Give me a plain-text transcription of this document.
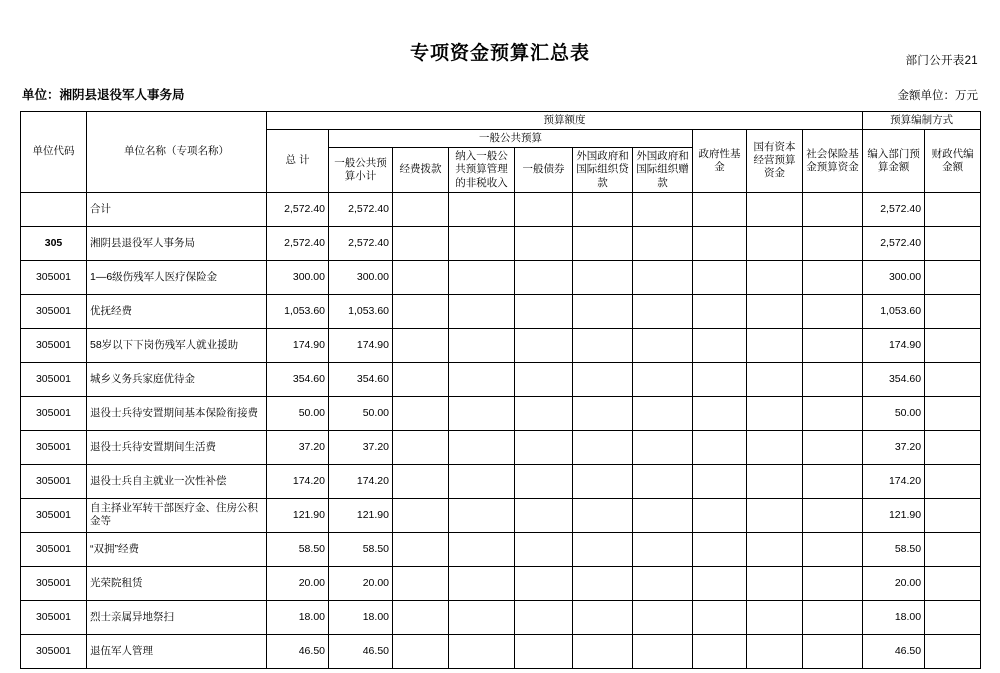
部门公开表21
专项资金预算汇总表
单位：湘阴县退役军人事务局	金额单位：万元
单位代码	单位名称（专项名称）	预算额度										预算编制方式	
		总 计	一般公共预算						政府性基金	国有资本经营预算资金	社会保险基金预算资金	编入部门预算金额	财政代编金额
			一般公共预算小计	经费拨款	纳入一般公共预算管理的非税收入	一般债券	外国政府和国际组织贷款	外国政府和国际组织赠款					

	合计	2,572.40	2,572.40									2,572.40	
305	湘阴县退役军人事务局	2,572.40	2,572.40									2,572.40	
305001	1—6级伤残军人医疗保险金	300.00	300.00									300.00	
305001	优抚经费	1,053.60	1,053.60									1,053.60	
305001	58岁以下下岗伤残军人就业援助	174.90	174.90									174.90	
305001	城乡义务兵家庭优待金	354.60	354.60									354.60	
305001	退役士兵待安置期间基本保险衔接费	50.00	50.00									50.00	
305001	退役士兵待安置期间生活费	37.20	37.20									37.20	
305001	退役士兵自主就业一次性补偿	174.20	174.20									174.20	
305001	自主择业军转干部医疗金、住房公积金等	121.90	121.90									121.90	
305001	“双拥”经费	58.50	58.50									58.50	
305001	光荣院租赁	20.00	20.00									20.00	
305001	烈士亲属异地祭扫	18.00	18.00									18.00	
305001	退伍军人管理	46.50	46.50									46.50	
